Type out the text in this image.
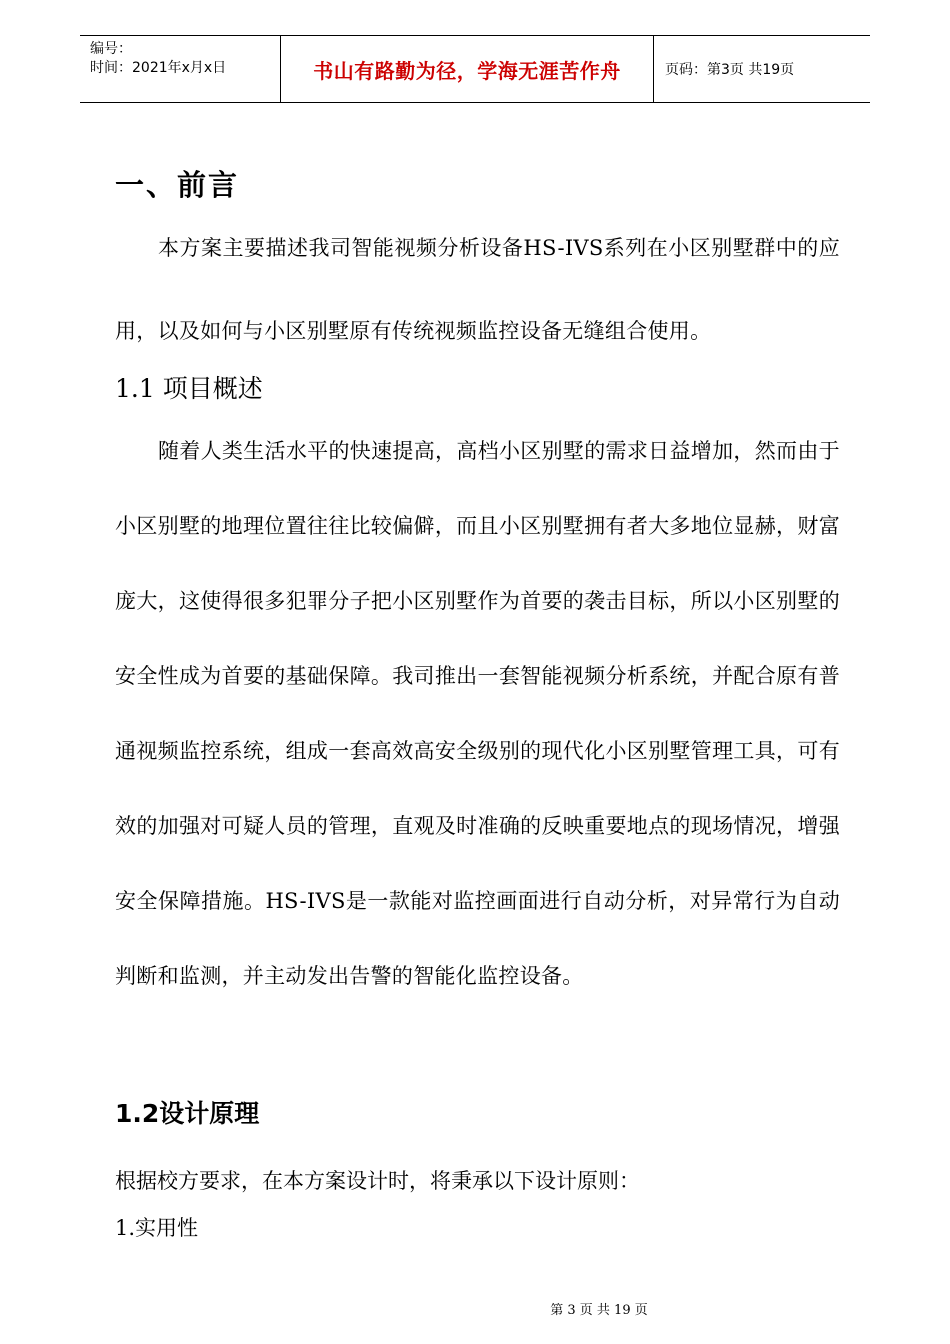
编号：
时间：2021年x月x日	书山有路勤为径，学海无涯苦作舟	页码：第3页 共19页
一、前言

本方案主要描述我司智能视频分析设备HS-IVS系列在小区别墅群中的应用，以及如何与小区别墅原有传统视频监控设备无缝组合使用。

1.1 项目概述

随着人类生活水平的快速提高，高档小区别墅的需求日益增加，然而由于小区别墅的地理位置往往比较偏僻，而且小区别墅拥有者大多地位显赫，财富庞大，这使得很多犯罪分子把小区别墅作为首要的袭击目标，所以小区别墅的安全性成为首要的基础保障。我司推出一套智能视频分析系统，并配合原有普通视频监控系统，组成一套高效高安全级别的现代化小区别墅管理工具，可有效的加强对可疑人员的管理，直观及时准确的反映重要地点的现场情况，增强安全保障措施。HS-IVS是一款能对监控画面进行自动分析，对异常行为自动判断和监测，并主动发出告警的智能化监控设备。

1.2设计原理

根据校方要求，在本方案设计时，将秉承以下设计原则：

1.实用性

第 3 页 共 19 页
